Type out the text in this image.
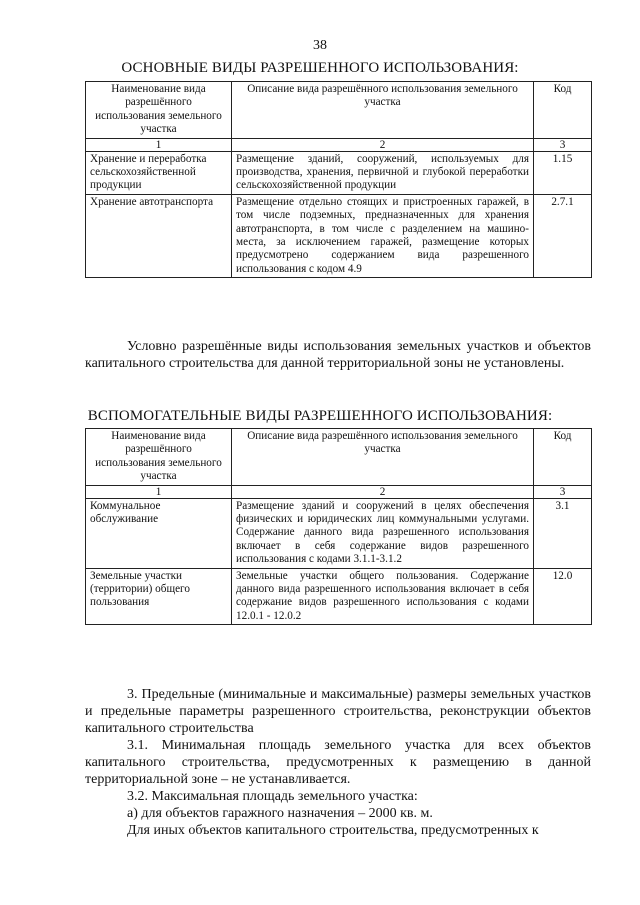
38
ОСНОВНЫЕ ВИДЫ РАЗРЕШЕННОГО ИСПОЛЬЗОВАНИЯ:
Наименование вида разрешённого использования земельного участка	Описание вида разрешённого использования земельного участка	Код
1	2	3
Хранение и переработка сельскохозяйственной продукции	Размещение зданий, сооружений, используемых для производства, хранения, первичной и глубокой переработки сельскохозяйственной продукции	1.15
Хранение автотранспорта	Размещение отдельно стоящих и пристроенных гаражей, в том числе подземных, предназначенных для хранения автотранспорта, в том числе с разделением на машино-места, за исключением гаражей, размещение которых предусмотрено содержанием вида разрешенного использования с кодом 4.9	2.7.1
Условно разрешённые виды использования земельных участков и объектов капитального строительства для данной территориальной зоны не установлены.
ВСПОМОГАТЕЛЬНЫЕ ВИДЫ РАЗРЕШЕННОГО ИСПОЛЬЗОВАНИЯ:
Наименование вида разрешённого использования земельного участка	Описание вида разрешённого использования земельного участка	Код
1	2	3
Коммунальное обслуживание	Размещение зданий и сооружений в целях обеспечения физических и юридических лиц коммунальными услугами. Содержание данного вида разрешенного использования включает в себя содержание видов разрешенного использования с кодами 3.1.1-3.1.2	3.1
Земельные участки (территории) общего пользования	Земельные участки общего пользования. Содержание данного вида разрешенного использования включает в себя содержание видов разрешенного использования с кодами 12.0.1 - 12.0.2	12.0
3. Предельные (минимальные и максимальные) размеры земельных участков и предельные параметры разрешенного строительства, реконструкции объектов капитального строительства
3.1. Минимальная площадь земельного участка для всех объектов капитального строительства, предусмотренных к размещению в данной территориальной зоне – не устанавливается.
3.2. Максимальная площадь земельного участка:
а) для объектов гаражного назначения – 2000 кв. м.
Для иных объектов капитального строительства, предусмотренных к
